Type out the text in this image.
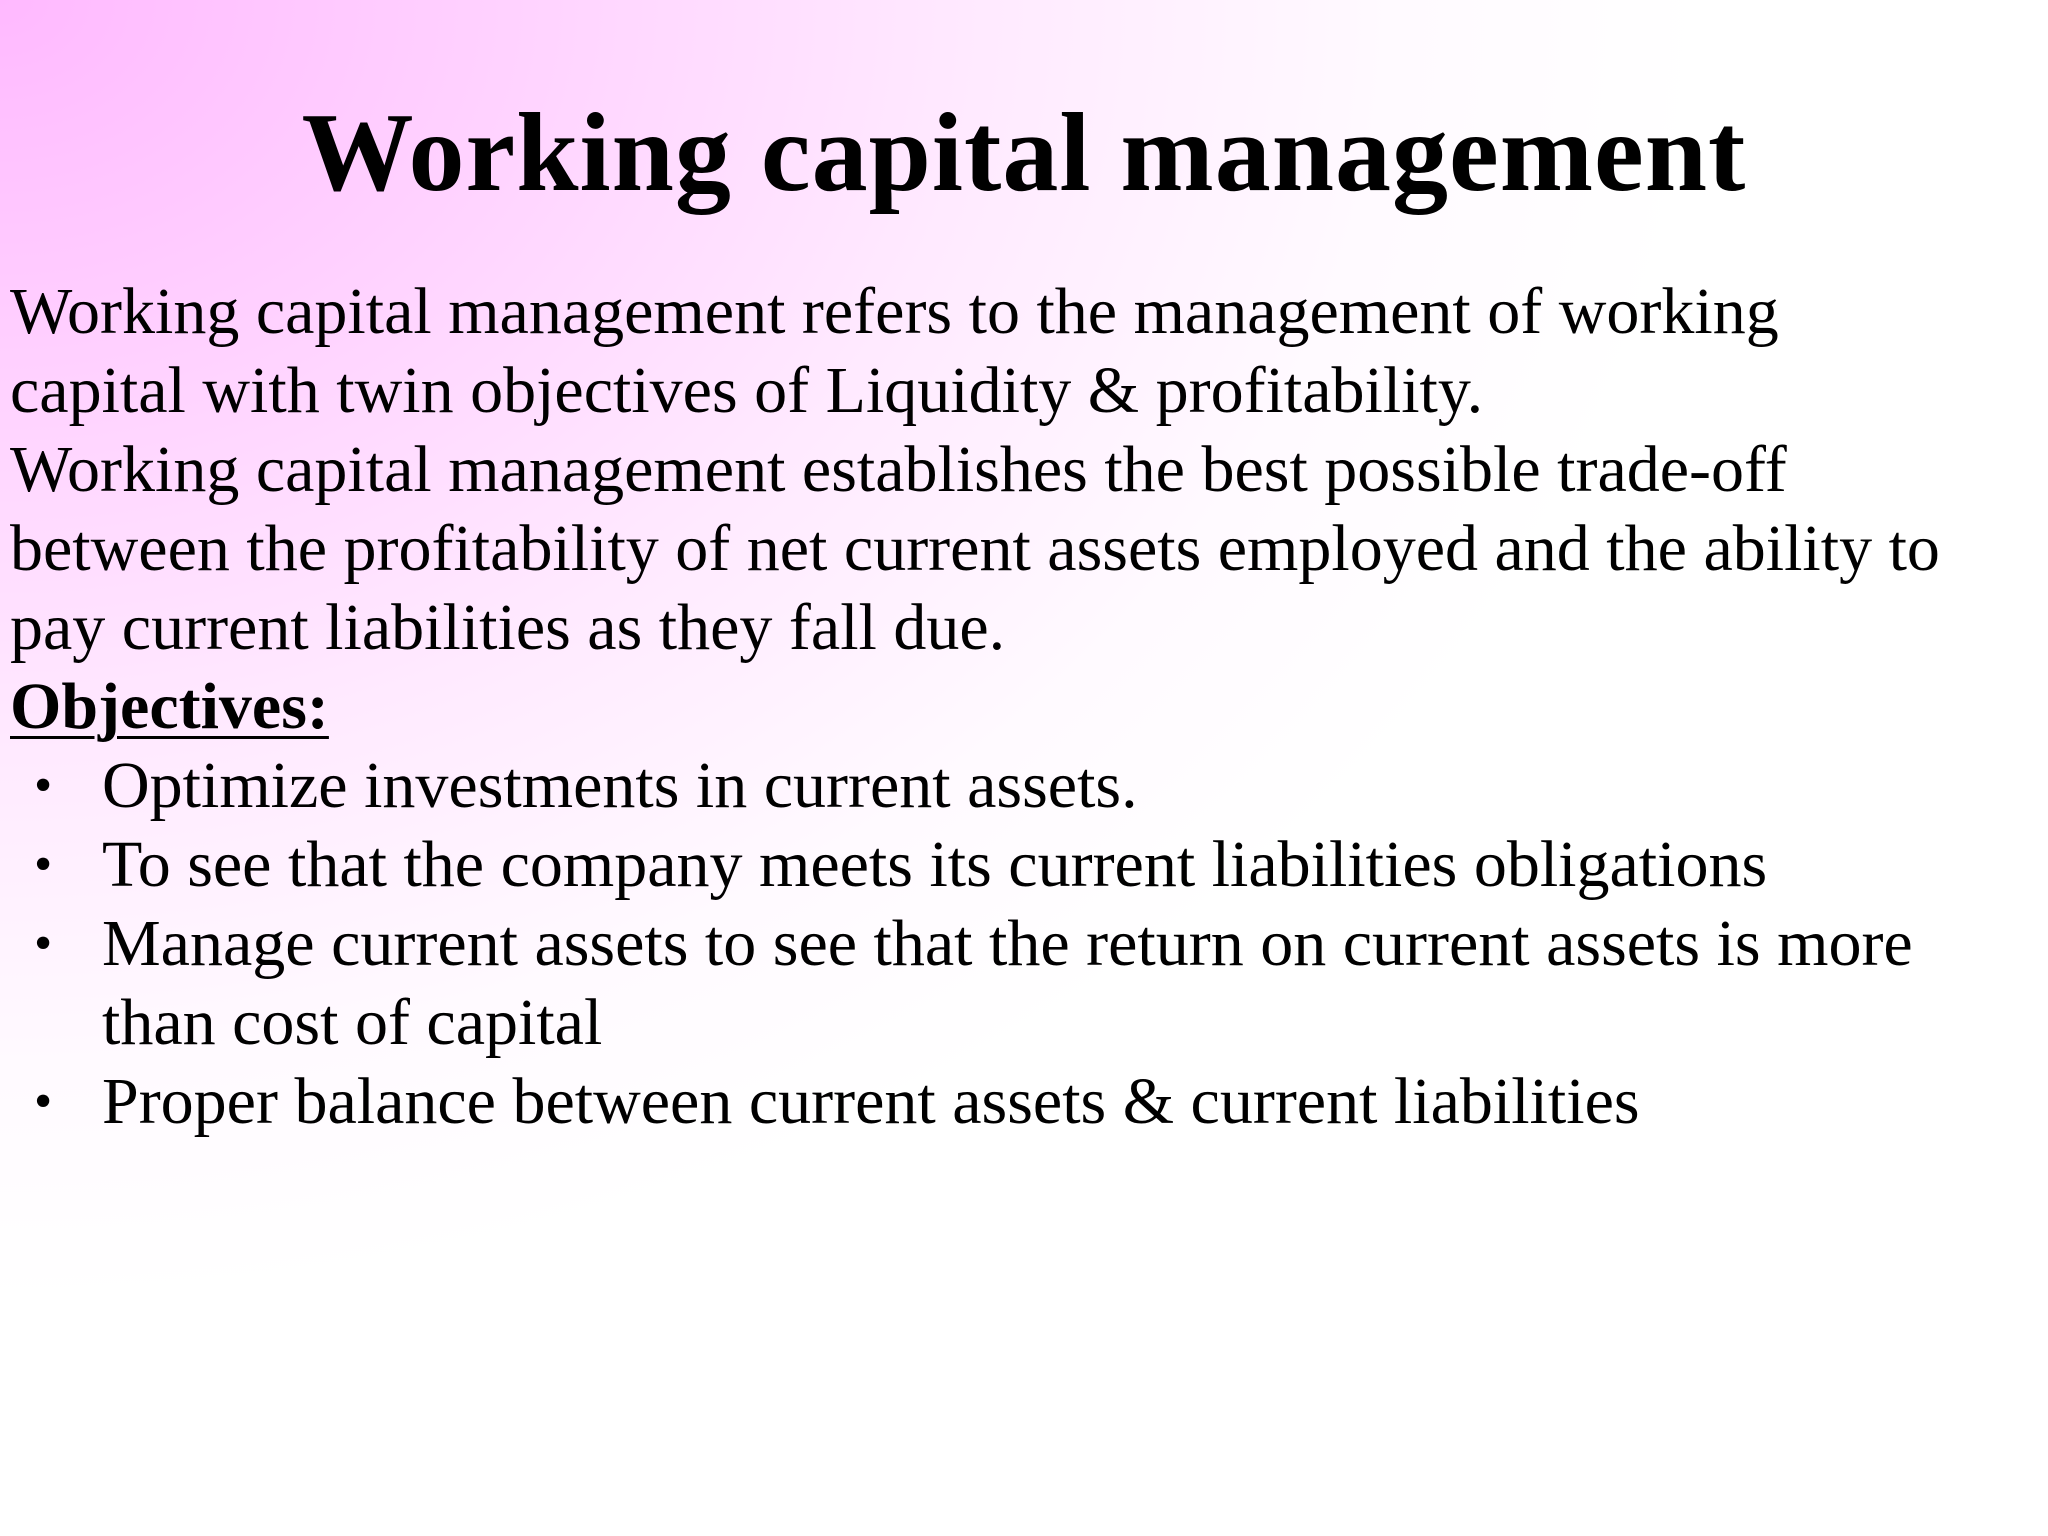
Working capital management

Working capital management refers to the management of working

capital with twin objectives of Liquidity & profitability.

Working capital management establishes the best possible trade-off

between the profitability of net current assets employed and the ability to

pay current liabilities as they fall due.

Objectives:

• Optimize investments in current assets.
• To see that the company meets its current liabilities obligations
• Manage current assets to see that the return on current assets is more
than cost of capital
• Proper balance between current assets & current liabilities
